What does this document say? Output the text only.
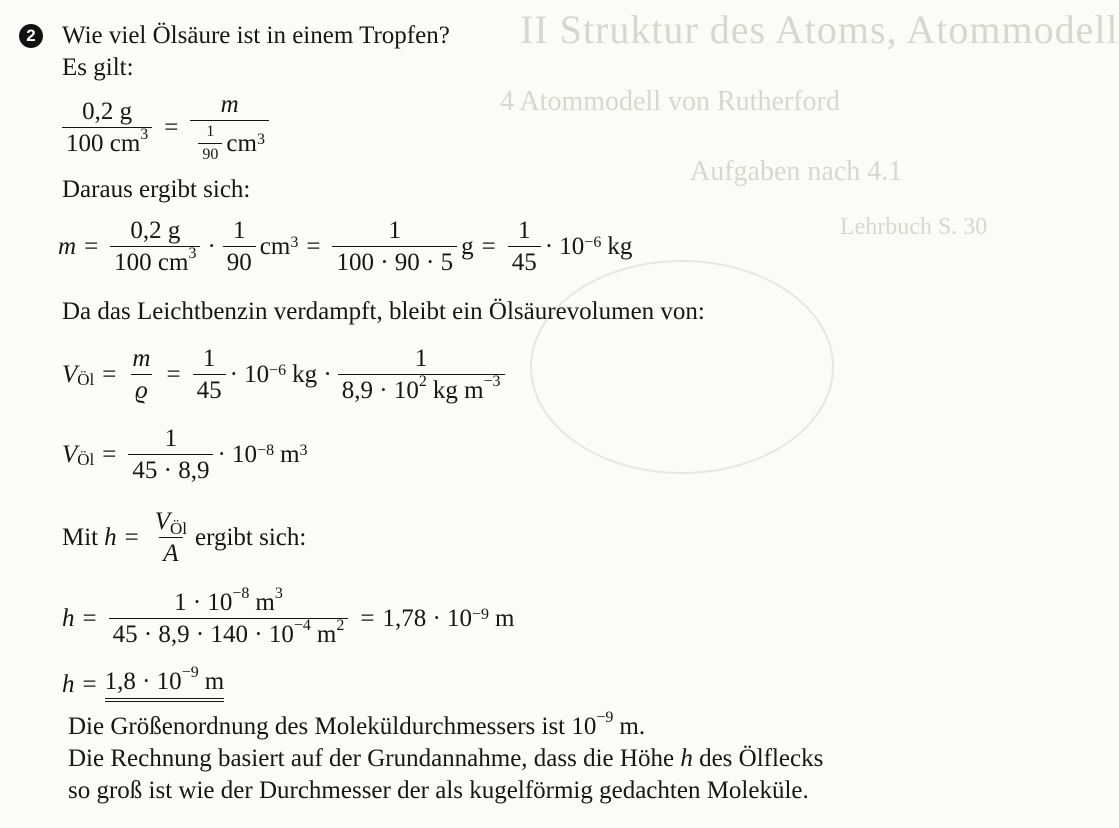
II Struktur des Atoms, Atommodell
4 Atommodell von Rutherford
Aufgaben nach 4.1
Lehrbuch S. 30
2 Wie viel Ölsäure ist in einem Tropfen?
Es gilt:
$\frac{0,2 g}{100 cm^3} = \frac{m}{\frac{1}{90} cm^3}$
Daraus ergibt sich:
$m = \frac{0,2 g}{100 cm^3} \cdot \frac{1}{90} cm^3 = \frac{1}{100 \cdot 90 \cdot 5}$ $g = \frac{1}{45} \cdot 10^{-6}$ kg
Da das Leichtbenzin verdampft, bleibt ein Ölsäurevolumen von:
$V_{Öl} = \frac{m}{ϱ} = \frac{1}{45} \cdot 10^{-6}$ kg · $\frac{1}{8,9 \cdot 10^2 kg m^{-3}}$
$V_{Öl} = \frac{1}{45 \cdot 8,9} \cdot 10^{-8}$ $m^3$
Mit $h = \frac{V_{Öl}}{A}$ ergibt sich:
$h = \frac{1 \cdot 10^{-8} m^3}{45 \cdot 8,9 \cdot 140 \cdot 10^{-4} m^2} = 1,78 \cdot 10^{-9}$ m
$h = 1,8 \cdot 10^{-9}$ m
Die Größenordnung des Moleküldurchmessers ist $10^{-9}$ m.
Die Rechnung basiert auf der Grundannahme, dass die Höhe h des Ölflecks
so groß ist wie der Durchmesser der als kugelförmig gedachten Moleküle.
